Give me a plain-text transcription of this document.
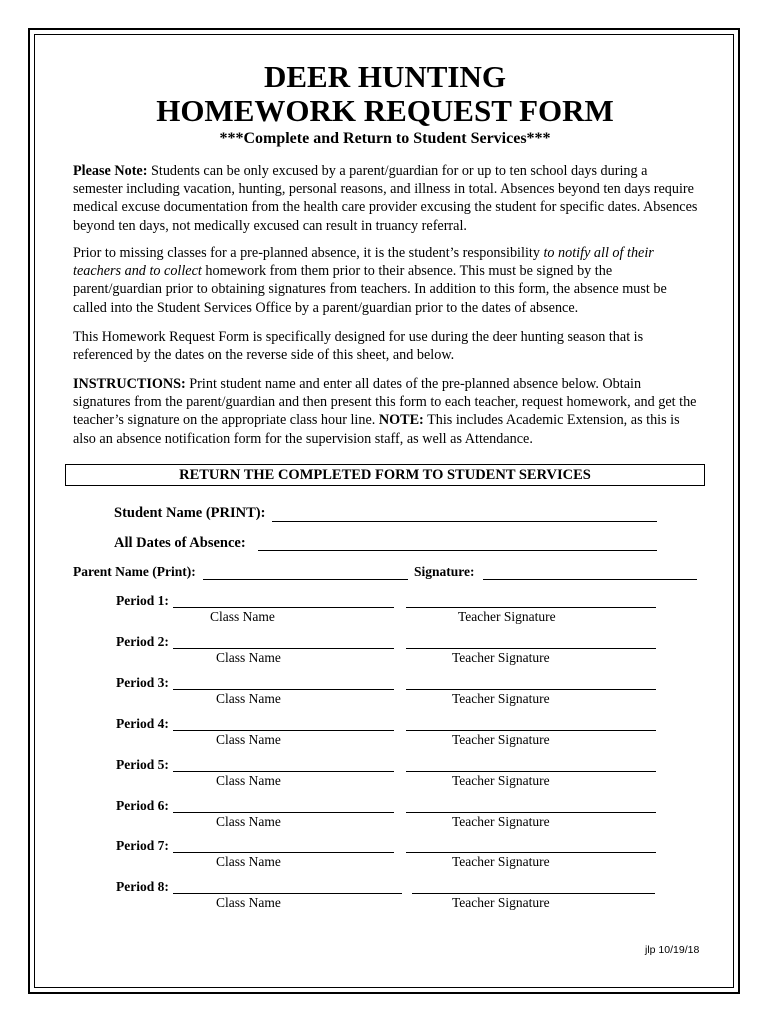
DEER HUNTING
HOMEWORK REQUEST FORM
***Complete and Return to Student Services***
Please Note: Students can be only excused by a parent/guardian for or up to ten school days during a semester including vacation, hunting, personal reasons, and illness in total. Absences beyond ten days require medical excuse documentation from the health care provider excusing the student for specific dates. Absences beyond ten days, not medically excused can result in truancy referral.
Prior to missing classes for a pre-planned absence, it is the student’s responsibility to notify all of their teachers and to collect homework from them prior to their absence. This must be signed by the parent/guardian prior to obtaining signatures from teachers. In addition to this form, the absence must be called into the Student Services Office by a parent/guardian prior to the dates of absence.
This Homework Request Form is specifically designed for use during the deer hunting season that is referenced by the dates on the reverse side of this sheet, and below.
INSTRUCTIONS: Print student name and enter all dates of the pre-planned absence below. Obtain signatures from the parent/guardian and then present this form to each teacher, request homework, and get the teacher’s signature on the appropriate class hour line. NOTE: This includes Academic Extension, as this is also an absence notification form for the supervision staff, as well as Attendance.
RETURN THE COMPLETED FORM TO STUDENT SERVICES
Student Name (PRINT):
All Dates of Absence:
Parent Name (Print):	Signature:
Period 1:
Class Name	Teacher Signature
Period 2:
Class Name	Teacher Signature
Period 3:
Class Name	Teacher Signature
Period 4:
Class Name	Teacher Signature
Period 5:
Class Name	Teacher Signature
Period 6:
Class Name	Teacher Signature
Period 7:
Class Name	Teacher Signature
Period 8:
Class Name	Teacher Signature
jlp 10/19/18
